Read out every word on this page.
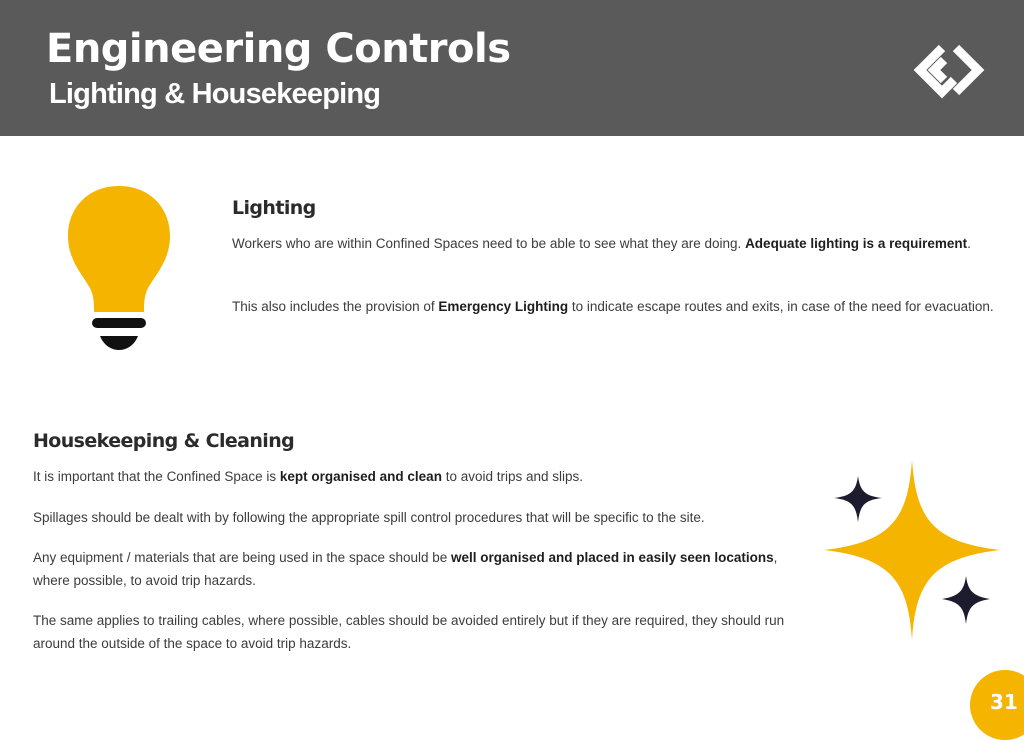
Engineering Controls
Lighting & Housekeeping
Lighting

Workers who are within Confined Spaces need to be able to see what they are doing. Adequate lighting is a requirement.

This also includes the provision of Emergency Lighting to indicate escape routes and exits, in case of the need for evacuation.

Housekeeping & Cleaning

It is important that the Confined Space is kept organised and clean to avoid trips and slips.

Spillages should be dealt with by following the appropriate spill control procedures that will be specific to the site.

Any equipment / materials that are being used in the space should be well organised and placed in easily seen locations, where possible, to avoid trip hazards.

The same applies to trailing cables, where possible, cables should be avoided entirely but if they are required, they should run around the outside of the space to avoid trip hazards.

31
